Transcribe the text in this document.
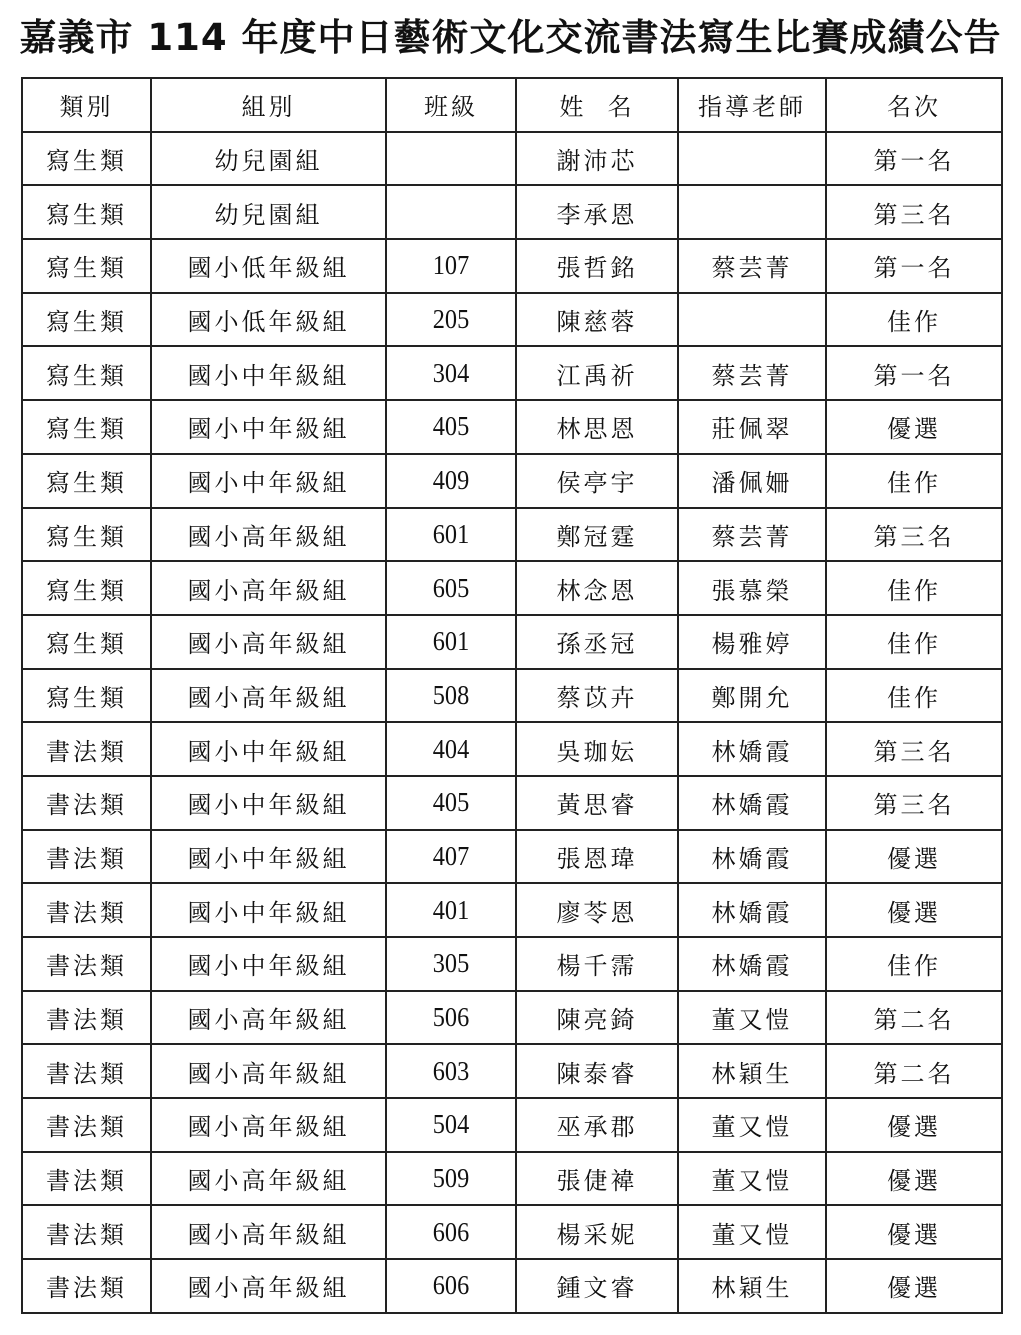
嘉義市 114 年度中日藝術文化交流書法寫生比賽成績公告
類別	組別	班級	姓  名	指導老師	名次
寫生類	幼兒園組		謝沛芯		第一名
寫生類	幼兒園組		李承恩		第三名
寫生類	國小低年級組	107	張哲銘	蔡芸菁	第一名
寫生類	國小低年級組	205	陳慈蓉		佳作
寫生類	國小中年級組	304	江禹祈	蔡芸菁	第一名
寫生類	國小中年級組	405	林思恩	莊佩翠	優選
寫生類	國小中年級組	409	侯亭宇	潘佩姍	佳作
寫生類	國小高年級組	601	鄭冠霆	蔡芸菁	第三名
寫生類	國小高年級組	605	林念恩	張慕榮	佳作
寫生類	國小高年級組	601	孫丞冠	楊雅婷	佳作
寫生類	國小高年級組	508	蔡苡卉	鄭開允	佳作
書法類	國小中年級組	404	吳珈妘	林嬌霞	第三名
書法類	國小中年級組	405	黃思睿	林嬌霞	第三名
書法類	國小中年級組	407	張恩瑋	林嬌霞	優選
書法類	國小中年級組	401	廖苓恩	林嬌霞	優選
書法類	國小中年級組	305	楊千霈	林嬌霞	佳作
書法類	國小高年級組	506	陳亮錡	董又愷	第二名
書法類	國小高年級組	603	陳泰睿	林穎生	第二名
書法類	國小高年級組	504	巫承郡	董又愷	優選
書法類	國小高年級組	509	張倢褘	董又愷	優選
書法類	國小高年級組	606	楊采妮	董又愷	優選
書法類	國小高年級組	606	鍾文睿	林穎生	優選
